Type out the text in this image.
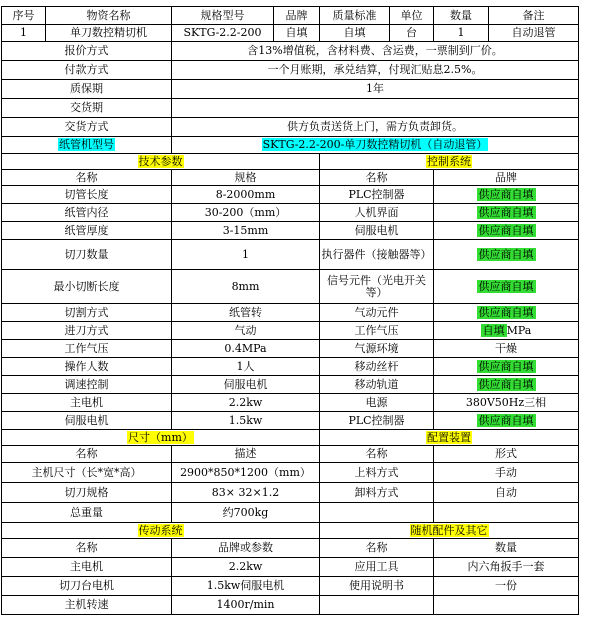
序号	物资名称	规格型号	品牌	质量标准	单位	数量	备注
1	单刀数控精切机	SKTG-2.2-200	自填	自填	台	1	自动退管
报价方式		含13%增值税，含材料费、含运费，一票制到厂价。					
付款方式		一个月账期，承兑结算，付现汇贴息2.5%。					
质保期		1年					
交货期							
交货方式		供方负责送货上门，需方负责卸货。					
纸管机型号		SKTG-2.2-200-单刀数控精切机（自动退管）					
技术参数				控制系统			
名称		规格		名称		品牌	
切管长度		8-2000mm		PLC控制器		供应商自填	
纸管内径		30-200（mm）		人机界面		供应商自填	
纸管厚度		3-15mm		伺服电机		供应商自填	
切刀数量		1		执行器件（接触器等）		供应商自填	
最小切断长度		8mm		信号元件（光电开关等）		供应商自填	
切割方式		纸管转		气动元件		供应商自填	
进刀方式		气动		工作气压		自填 MPa	
工作气压		0.4MPa		气源环境		干燥	
操作人数		1人		移动丝杆		供应商自填	
调速控制		伺服电机		移动轨道		供应商自填	
主电机		2.2kw		电源		380V50Hz三相	
伺服电机		1.5kw		PLC控制器		供应商自填	
尺寸（mm）				配置装置			
名称		描述		名称		形式	
主机尺寸（长*宽*高）		2900*850*1200（mm）		上料方式		手动	
切刀规格		83× 32×1.2		卸料方式		自动	
总重量		约700kg					
传动系统				随机配件及其它			
名称		品牌或参数		名称		数量	
主电机		2.2kw		应用工具		内六角扳手一套	
切刀台电机		1.5kw伺服电机		使用说明书		一份	
主机转速		1400r/min					
